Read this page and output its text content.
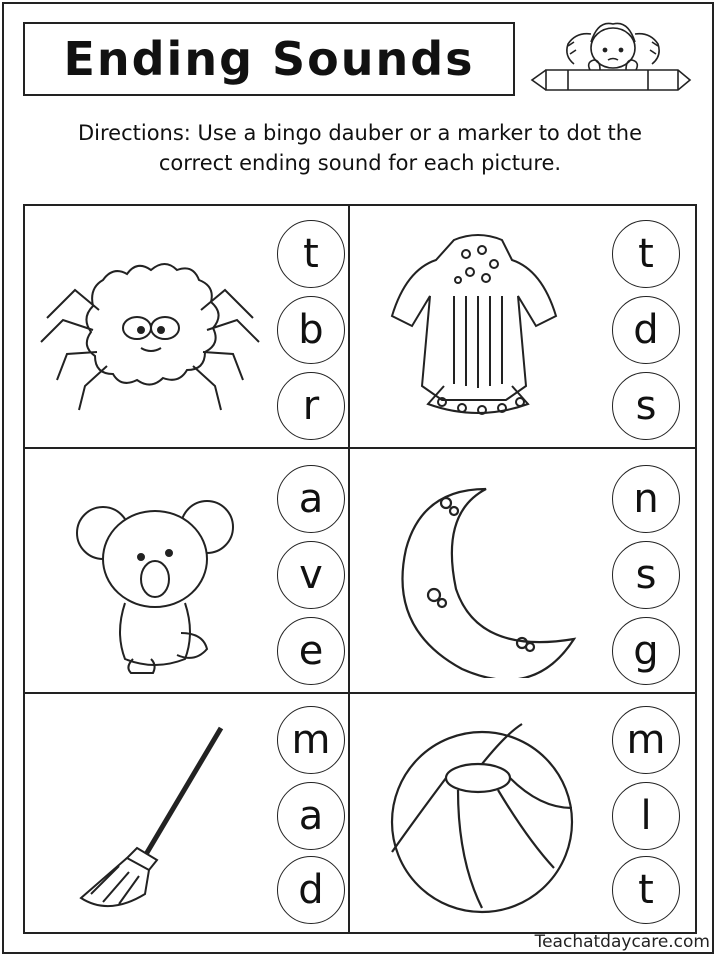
Ending Sounds
Directions: Use a bingo dauber or a marker to dot the
correct ending sound for each picture.
t
b
r
t
d
s
a
v
e
n
s
g
m
a
d
m
l
t
Teachatdaycare.com
